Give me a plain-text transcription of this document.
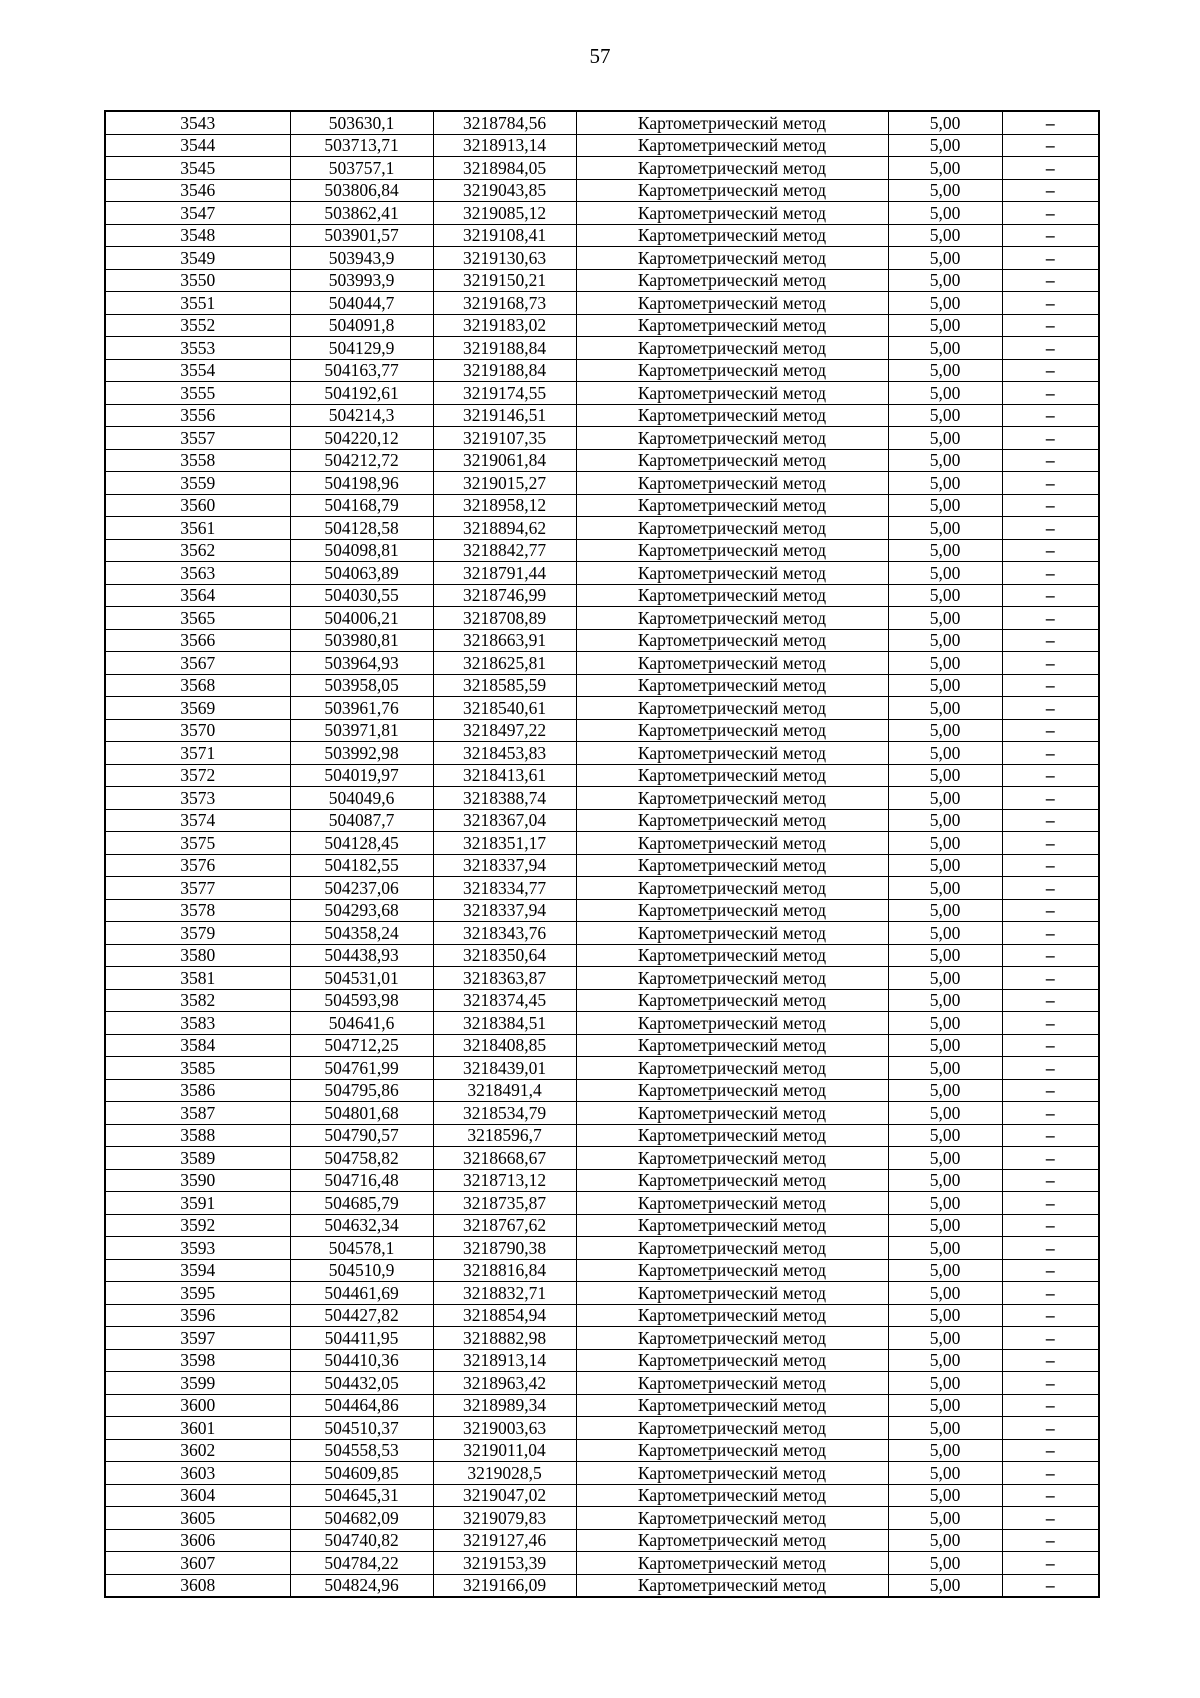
57
3543	503630,1	3218784,56	Картометрический метод	5,00	–
3544	503713,71	3218913,14	Картометрический метод	5,00	–
3545	503757,1	3218984,05	Картометрический метод	5,00	–
3546	503806,84	3219043,85	Картометрический метод	5,00	–
3547	503862,41	3219085,12	Картометрический метод	5,00	–
3548	503901,57	3219108,41	Картометрический метод	5,00	–
3549	503943,9	3219130,63	Картометрический метод	5,00	–
3550	503993,9	3219150,21	Картометрический метод	5,00	–
3551	504044,7	3219168,73	Картометрический метод	5,00	–
3552	504091,8	3219183,02	Картометрический метод	5,00	–
3553	504129,9	3219188,84	Картометрический метод	5,00	–
3554	504163,77	3219188,84	Картометрический метод	5,00	–
3555	504192,61	3219174,55	Картометрический метод	5,00	–
3556	504214,3	3219146,51	Картометрический метод	5,00	–
3557	504220,12	3219107,35	Картометрический метод	5,00	–
3558	504212,72	3219061,84	Картометрический метод	5,00	–
3559	504198,96	3219015,27	Картометрический метод	5,00	–
3560	504168,79	3218958,12	Картометрический метод	5,00	–
3561	504128,58	3218894,62	Картометрический метод	5,00	–
3562	504098,81	3218842,77	Картометрический метод	5,00	–
3563	504063,89	3218791,44	Картометрический метод	5,00	–
3564	504030,55	3218746,99	Картометрический метод	5,00	–
3565	504006,21	3218708,89	Картометрический метод	5,00	–
3566	503980,81	3218663,91	Картометрический метод	5,00	–
3567	503964,93	3218625,81	Картометрический метод	5,00	–
3568	503958,05	3218585,59	Картометрический метод	5,00	–
3569	503961,76	3218540,61	Картометрический метод	5,00	–
3570	503971,81	3218497,22	Картометрический метод	5,00	–
3571	503992,98	3218453,83	Картометрический метод	5,00	–
3572	504019,97	3218413,61	Картометрический метод	5,00	–
3573	504049,6	3218388,74	Картометрический метод	5,00	–
3574	504087,7	3218367,04	Картометрический метод	5,00	–
3575	504128,45	3218351,17	Картометрический метод	5,00	–
3576	504182,55	3218337,94	Картометрический метод	5,00	–
3577	504237,06	3218334,77	Картометрический метод	5,00	–
3578	504293,68	3218337,94	Картометрический метод	5,00	–
3579	504358,24	3218343,76	Картометрический метод	5,00	–
3580	504438,93	3218350,64	Картометрический метод	5,00	–
3581	504531,01	3218363,87	Картометрический метод	5,00	–
3582	504593,98	3218374,45	Картометрический метод	5,00	–
3583	504641,6	3218384,51	Картометрический метод	5,00	–
3584	504712,25	3218408,85	Картометрический метод	5,00	–
3585	504761,99	3218439,01	Картометрический метод	5,00	–
3586	504795,86	3218491,4	Картометрический метод	5,00	–
3587	504801,68	3218534,79	Картометрический метод	5,00	–
3588	504790,57	3218596,7	Картометрический метод	5,00	–
3589	504758,82	3218668,67	Картометрический метод	5,00	–
3590	504716,48	3218713,12	Картометрический метод	5,00	–
3591	504685,79	3218735,87	Картометрический метод	5,00	–
3592	504632,34	3218767,62	Картометрический метод	5,00	–
3593	504578,1	3218790,38	Картометрический метод	5,00	–
3594	504510,9	3218816,84	Картометрический метод	5,00	–
3595	504461,69	3218832,71	Картометрический метод	5,00	–
3596	504427,82	3218854,94	Картометрический метод	5,00	–
3597	504411,95	3218882,98	Картометрический метод	5,00	–
3598	504410,36	3218913,14	Картометрический метод	5,00	–
3599	504432,05	3218963,42	Картометрический метод	5,00	–
3600	504464,86	3218989,34	Картометрический метод	5,00	–
3601	504510,37	3219003,63	Картометрический метод	5,00	–
3602	504558,53	3219011,04	Картометрический метод	5,00	–
3603	504609,85	3219028,5	Картометрический метод	5,00	–
3604	504645,31	3219047,02	Картометрический метод	5,00	–
3605	504682,09	3219079,83	Картометрический метод	5,00	–
3606	504740,82	3219127,46	Картометрический метод	5,00	–
3607	504784,22	3219153,39	Картометрический метод	5,00	–
3608	504824,96	3219166,09	Картометрический метод	5,00	–
